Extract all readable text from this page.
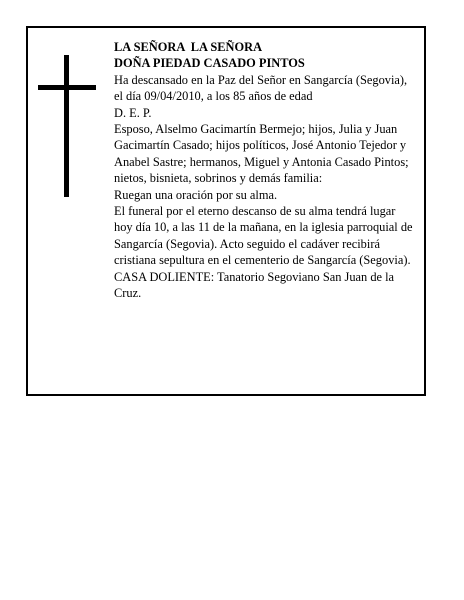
LA SEÑORA  LA SEÑORA

DOÑA PIEDAD CASADO PINTOS

Ha descansado en la Paz del Señor en Sangarcía (Segovia), el día 09/04/2010, a los 85 años de edad

D. E. P.

Esposo, Alselmo Gacimartín Bermejo; hijos, Julia y Juan Gacimartín Casado; hijos políticos, José Antonio Tejedor y Anabel Sastre; hermanos, Miguel y Antonia Casado Pintos; nietos, bisnieta, sobrinos y demás familia:

Ruegan una oración por su alma.

El funeral por el eterno descanso de su alma tendrá lugar hoy día 10, a las 11 de la mañana, en la iglesia parroquial de Sangarcía (Segovia). Acto seguido el cadáver recibirá cristiana sepultura en el cementerio de Sangarcía (Segovia).

CASA DOLIENTE: Tanatorio Segoviano San Juan de la Cruz.
